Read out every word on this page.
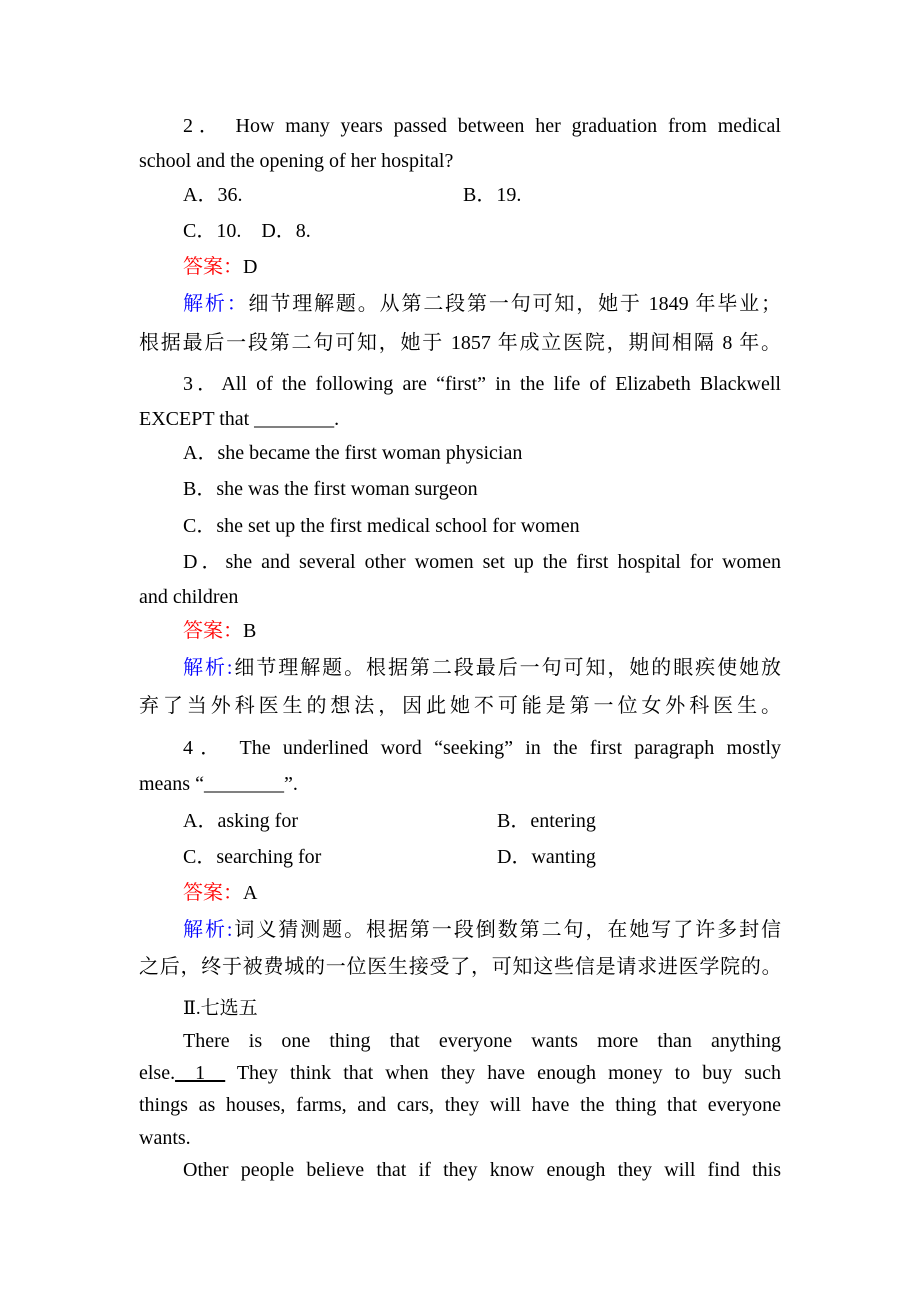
2． How many years passed between her graduation from medical
school and the opening of her hospital?
A．36.	B．19.
C．10.　D．8.
答案：D
解析：细节理解题。从第二段第一句可知，她于 1849 年毕业；
根据最后一段第二句可知，她于 1857 年成立医院，期间相隔 8 年。
3．All of the following are “first” in the life of Elizabeth Blackwell
EXCEPT that ________.
A．she became the first woman physician
B．she was the first woman surgeon
C．she set up the first medical school for women
D．she and several other women set up the first hospital for women
and children
答案：B
解析:细节理解题。根据第二段最后一句可知，她的眼疾使她放
弃了当外科医生的想法，因此她不可能是第一位女外科医生。
4． The underlined word “seeking” in the first paragraph mostly
means “________”.
A．asking for	B．entering
C．searching for	D．wanting
答案：A
解析:词义猜测题。根据第一段倒数第二句，在她写了许多封信
之后，终于被费城的一位医生接受了，可知这些信是请求进医学院的。
Ⅱ.七选五
There is one thing that everyone wants more than anything
else.__1__ They think that when they have enough money to buy such
things as houses, farms, and cars, they will have the thing that everyone
wants.
Other people believe that if they know enough they will find this
